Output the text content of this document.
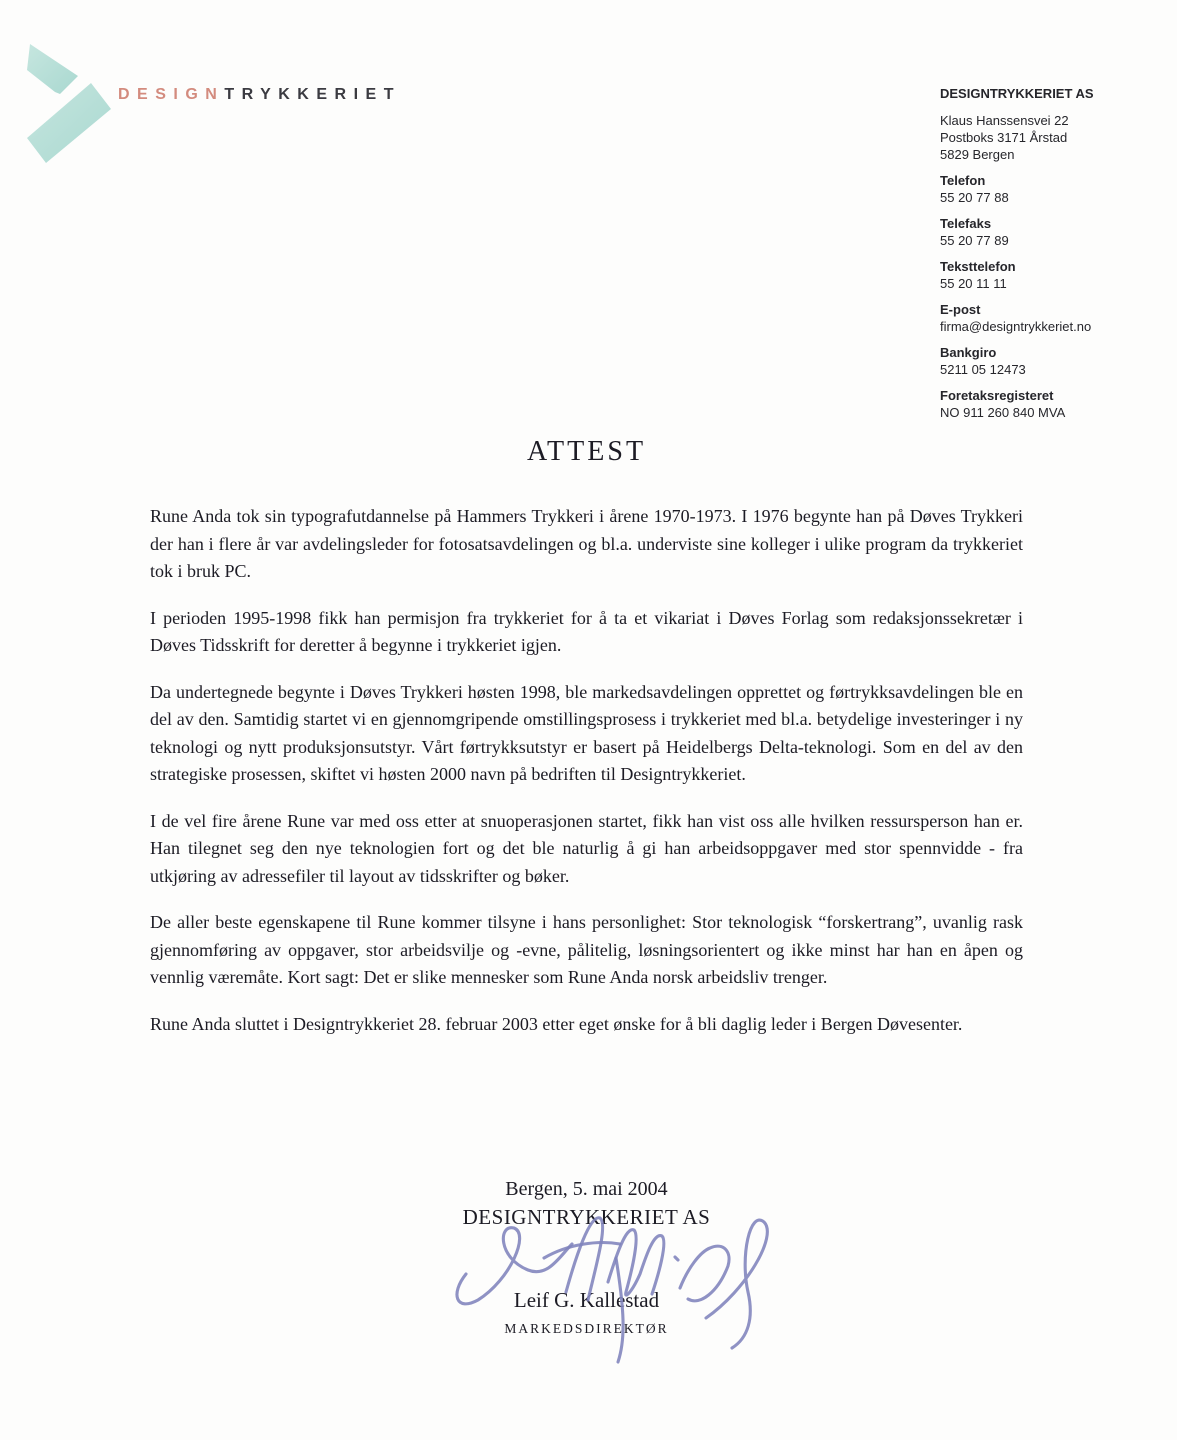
DESIGNTRYKKERIET	DESIGNTRYKKERIET AS
Klaus Hanssensvei 22
Postboks 3171 Årstad
5829 Bergen
Telefon
55 20 77 88
Telefaks
55 20 77 89
Teksttelefon
55 20 11 11
E-post
firma@designtrykkeriet.no
Bankgiro
5211 05 12473
Foretaksregisteret
NO 911 260 840 MVA
ATTEST

Rune Anda tok sin typografutdannelse på Hammers Trykkeri i årene 1970-1973. I 1976 begynte han på Døves Trykkeri der han i flere år var avdelingsleder for fotosatsavdelingen og bl.a. underviste sine kolleger i ulike program da trykkeriet tok i bruk PC.

I perioden 1995-1998 fikk han permisjon fra trykkeriet for å ta et vikariat i Døves Forlag som redaksjonssekretær i Døves Tidsskrift for deretter å begynne i trykkeriet igjen.

Da undertegnede begynte i Døves Trykkeri høsten 1998, ble markedsavdelingen opprettet og førtrykksavdelingen ble en del av den. Samtidig startet vi en gjennomgripende omstillingsprosess i trykkeriet med bl.a. betydelige investeringer i ny teknologi og nytt produksjonsutstyr. Vårt førtrykksutstyr er basert på Heidelbergs Delta-teknologi. Som en del av den strategiske prosessen, skiftet vi høsten 2000 navn på bedriften til Designtrykkeriet.

I de vel fire årene Rune var med oss etter at snuoperasjonen startet, fikk han vist oss alle hvilken ressursperson han er. Han tilegnet seg den nye teknologien fort og det ble naturlig å gi han arbeidsoppgaver med stor spennvidde - fra utkjøring av adressefiler til layout av tidsskrifter og bøker.

De aller beste egenskapene til Rune kommer tilsyne i hans personlighet: Stor teknologisk “forskertrang”, uvanlig rask gjennomføring av oppgaver, stor arbeidsvilje og -evne, pålitelig, løsningsorientert og ikke minst har han en åpen og vennlig væremåte. Kort sagt: Det er slike mennesker som Rune Anda norsk arbeidsliv trenger.

Rune Anda sluttet i Designtrykkeriet 28. februar 2003 etter eget ønske for å bli daglig leder i Bergen Døvesenter.

Bergen, 5. mai 2004
DESIGNTRYKKERIET AS
Leif G. Kallestad
MARKEDSDIREKTØR
